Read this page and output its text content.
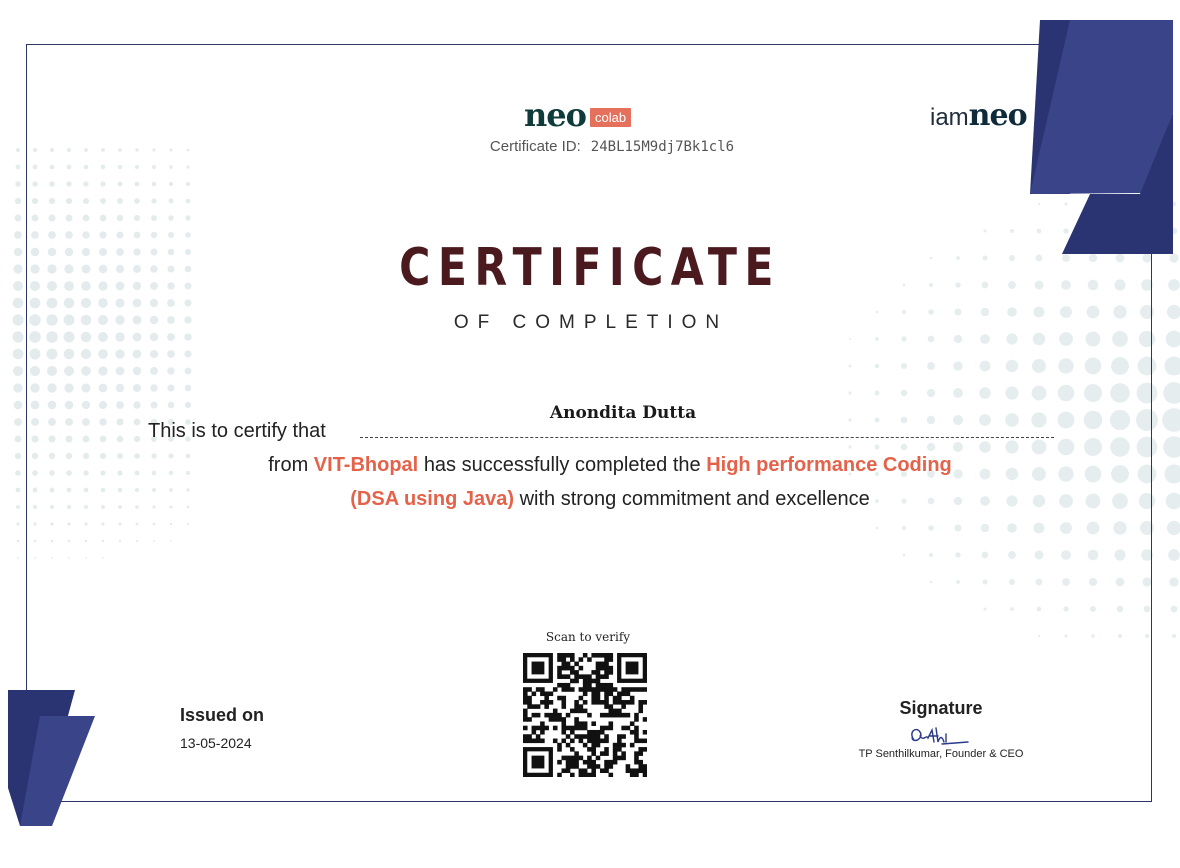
neo $^{colab}$
Certificate ID: 24BL15M9dj7Bk1cl6
iamneo
CERTIFICATE
OF COMPLETION
Anondita Dutta
This is to certify that
from VIT-Bhopal has successfully completed the High performance Coding
(DSA using Java) with strong commitment and excellence
Scan to verify
Issued on
13-05-2024
Signature
TP Senthilkumar, Founder & CEO
